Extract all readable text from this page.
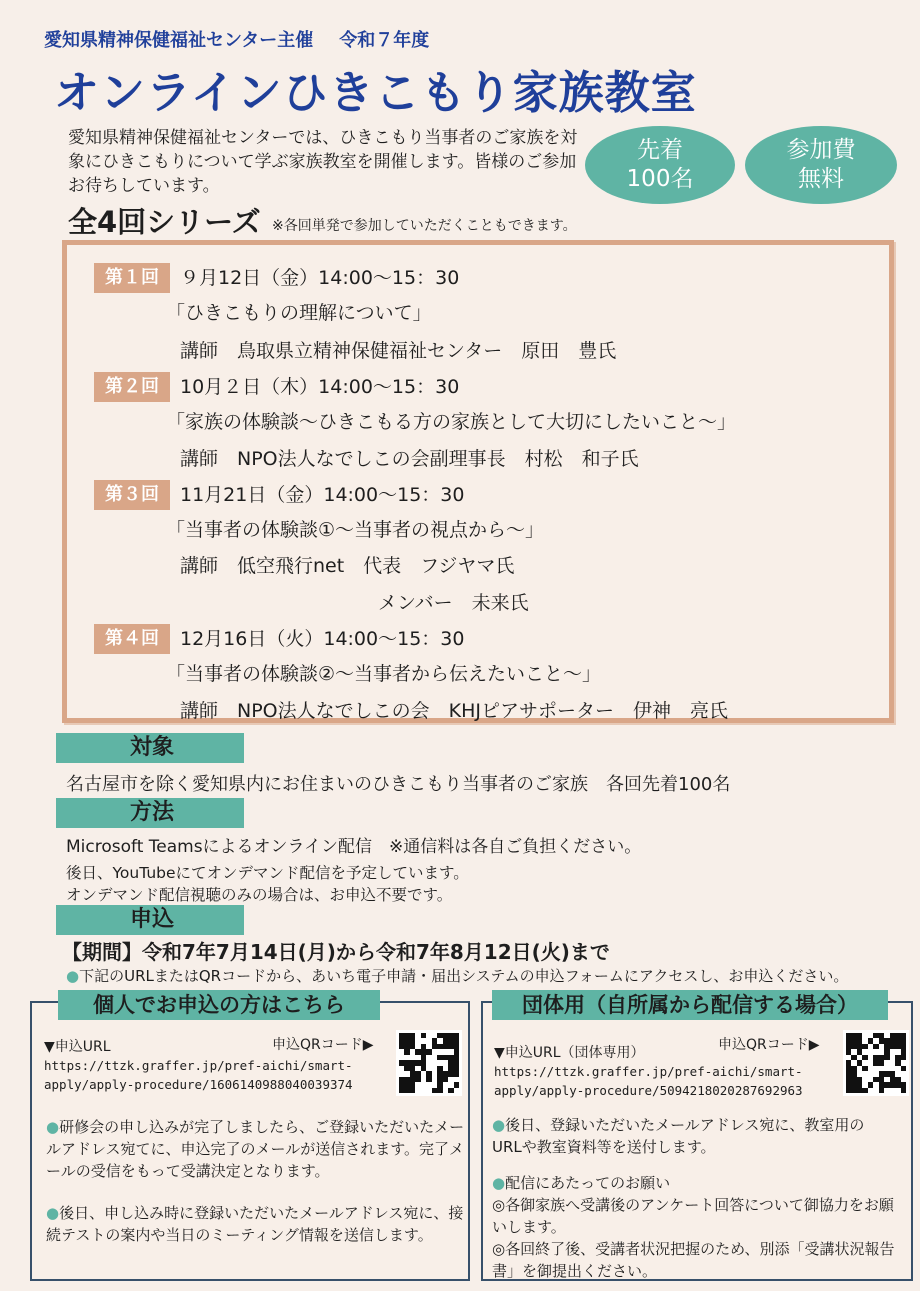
愛知県精神保健福祉センター主催 令和７年度
オンラインひきこもり家族教室
愛知県精神保健福祉センターでは、ひきこもり当事者のご家族を対象にひきこもりについて学ぶ家族教室を開催します。皆様のご参加お待ちしています。
先着
100名
参加費
無料
全4回シリーズ ※各回単発で参加していただくこともできます。
第１回	９月12日（金）14:00～15：30
「ひきこもりの理解について」
講師　鳥取県立精神保健福祉センター　原田　豊氏
第２回	10月２日（木）14:00～15：30
「家族の体験談～ひきこもる方の家族として大切にしたいこと～」
講師　NPO法人なでしこの会副理事長　村松　和子氏
第３回	11月21日（金）14:00～15：30
「当事者の体験談①～当事者の視点から～」
講師　低空飛行net　代表　フジヤマ氏
メンバー　未来氏
第４回	12月16日（火）14:00～15：30
「当事者の体験談②～当事者から伝えたいこと～」
講師　NPO法人なでしこの会　KHJピアサポーター　伊神　亮氏
対象
名古屋市を除く愛知県内にお住まいのひきこもり当事者のご家族　各回先着100名
方法
Microsoft Teamsによるオンライン配信　※通信料は各自ご負担ください。
後日、YouTubeにてオンデマンド配信を予定しています。
オンデマンド配信視聴のみの場合は、お申込不要です。
申込
【期間】令和7年7月14日(月)から令和7年8月12日(火)まで
●下記のURLまたはQRコードから、あいち電子申請・届出システムの申込フォームにアクセスし、お申込ください。
個人でお申込の方はこちら
▼申込URL	申込QRコード▶
https://ttzk.graffer.jp/pref-aichi/smart-
apply/apply-procedure/1606140988040039374
●研修会の申し込みが完了しましたら、ご登録いただいたメールアドレス宛てに、申込完了のメールが送信されます。完了メールの受信をもって受講決定となります。
●後日、申し込み時に登録いただいたメールアドレス宛に、接続テストの案内や当日のミーティング情報を送信します。
団体用（自所属から配信する場合）
▼申込URL（団体専用）	申込QRコード▶
https://ttzk.graffer.jp/pref-aichi/smart-
apply/apply-procedure/5094218020287692963
●後日、登録いただいたメールアドレス宛に、教室用のURLや教室資料等を送付します。
●配信にあたってのお願い
◎各御家族へ受講後のアンケート回答について御協力をお願いします。
◎各回終了後、受講者状況把握のため、別添「受講状況報告書」を御提出ください。
